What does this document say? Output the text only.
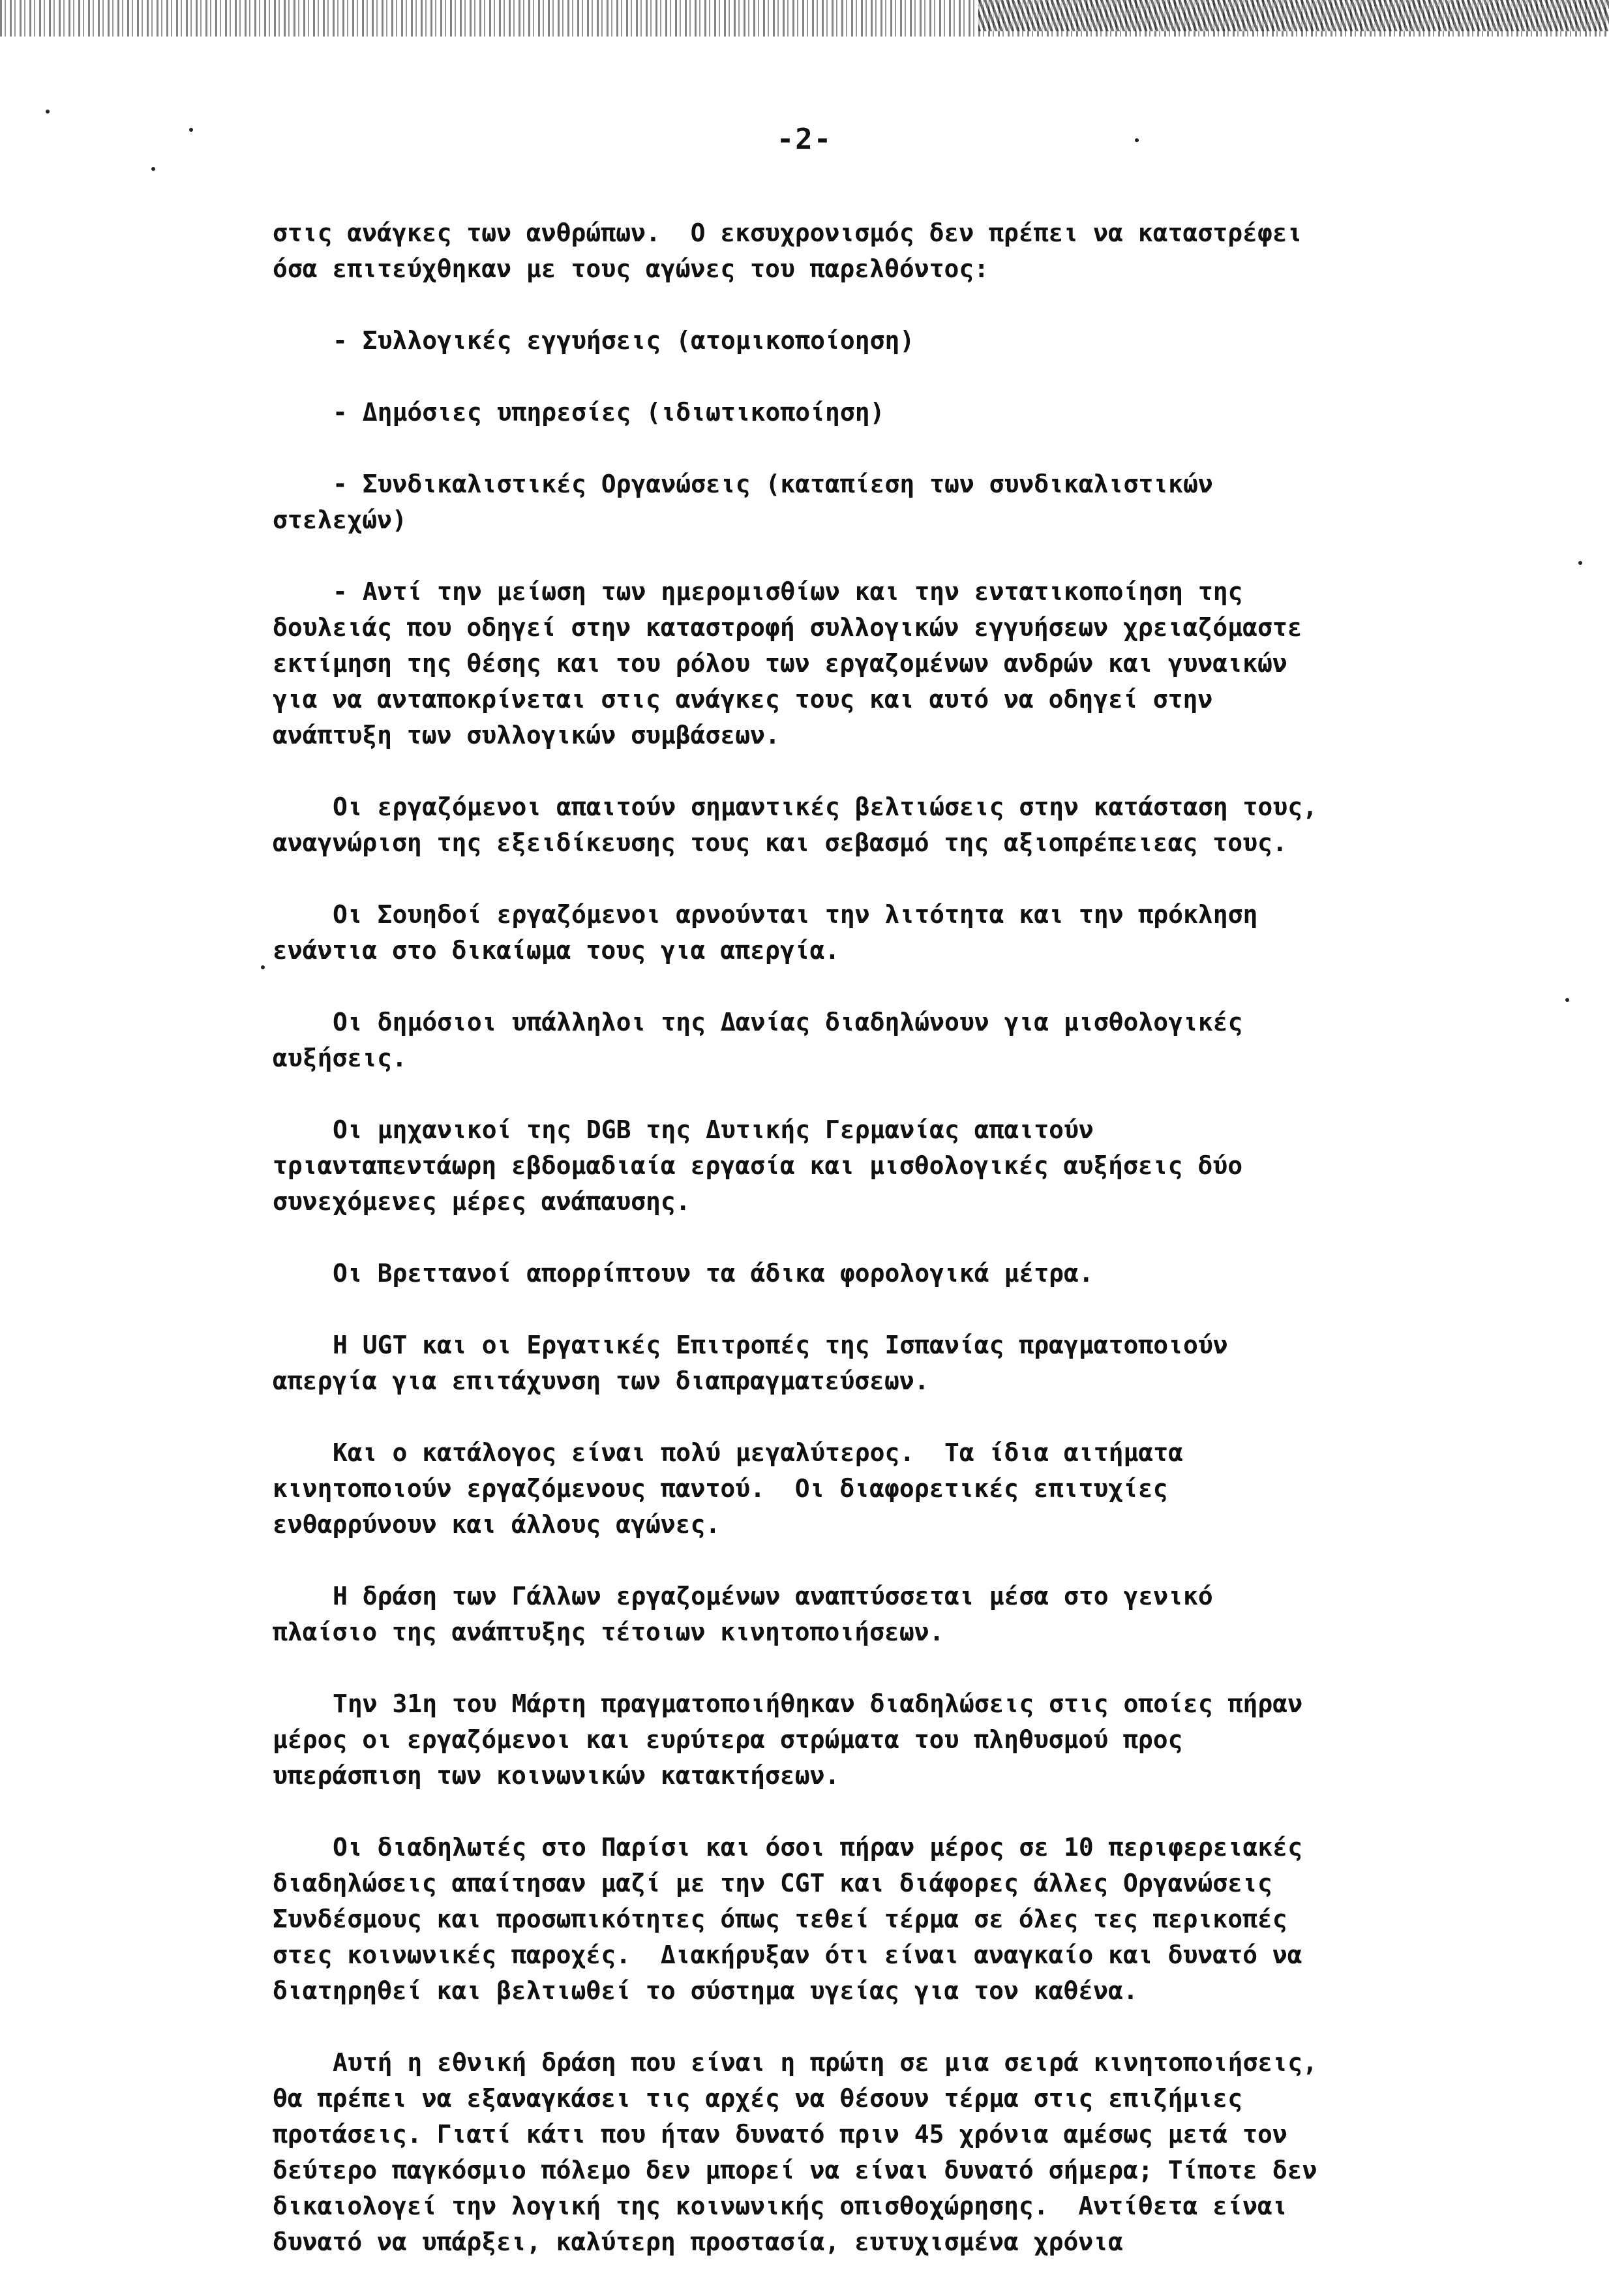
-2-
στις ανάγκες των ανθρώπων.  Ο εκσυχρονισμός δεν πρέπει να καταστρέφει
όσα επιτεύχθηκαν με τους αγώνες του παρελθόντος:
- Συλλογικές εγγυήσεις (ατομικοποίοηση)
- Δημόσιες υπηρεσίες (ιδιωτικοποίηση)
- Συνδικαλιστικές Οργανώσεις (καταπίεση των συνδικαλιστικών
στελεχών)
- Αντί την μείωση των ημερομισθίων και την εντατικοποίηση της
δουλειάς που οδηγεί στην καταστροφή συλλογικών εγγυήσεων χρειαζόμαστε
εκτίμηση της θέσης και του ρόλου των εργαζομένων ανδρών και γυναικών
για να ανταποκρίνεται στις ανάγκες τους και αυτό να οδηγεί στην
ανάπτυξη των συλλογικών συμβάσεων.
Οι εργαζόμενοι απαιτούν σημαντικές βελτιώσεις στην κατάσταση τους,
αναγνώριση της εξειδίκευσης τους και σεβασμό της αξιοπρέπειεας τους.
Οι Σουηδοί εργαζόμενοι αρνούνται την λιτότητα και την πρόκληση
ενάντια στο δικαίωμα τους για απεργία.
Οι δημόσιοι υπάλληλοι της Δανίας διαδηλώνουν για μισθολογικές
αυξήσεις.
Οι μηχανικοί της DGB της Δυτικής Γερμανίας απαιτούν
τριανταπεντάωρη εβδομαδιαία εργασία και μισθολογικές αυξήσεις δύο
συνεχόμενες μέρες ανάπαυσης.
Οι Βρεττανοί απορρίπτουν τα άδικα φορολογικά μέτρα.
Η UGT και οι Εργατικές Επιτροπές της Ισπανίας πραγματοποιούν
απεργία για επιτάχυνση των διαπραγματεύσεων.
Και ο κατάλογος είναι πολύ μεγαλύτερος.  Τα ίδια αιτήματα
κινητοποιούν εργαζόμενους παντού.  Οι διαφορετικές επιτυχίες
ενθαρρύνουν και άλλους αγώνες.
Η δράση των Γάλλων εργαζομένων αναπτύσσεται μέσα στο γενικό
πλαίσιο της ανάπτυξης τέτοιων κινητοποιήσεων.
Την 31η του Μάρτη πραγματοποιήθηκαν διαδηλώσεις στις οποίες πήραν
μέρος οι εργαζόμενοι και ευρύτερα στρώματα του πληθυσμού προς
υπεράσπιση των κοινωνικών κατακτήσεων.
Οι διαδηλωτές στο Παρίσι και όσοι πήραν μέρος σε 10 περιφερειακές
διαδηλώσεις απαίτησαν μαζί με την CGT και διάφορες άλλες Οργανώσεις
Συνδέσμους και προσωπικότητες όπως τεθεί τέρμα σε όλες τες περικοπές
στες κοινωνικές παροχές.  Διακήρυξαν ότι είναι αναγκαίο και δυνατό να
διατηρηθεί και βελτιωθεί το σύστημα υγείας για τον καθένα.
Αυτή η εθνική δράση που είναι η πρώτη σε μια σειρά κινητοποιήσεις,
θα πρέπει να εξαναγκάσει τις αρχές να θέσουν τέρμα στις επιζήμιες
προτάσεις. Γιατί κάτι που ήταν δυνατό πριν 45 χρόνια αμέσως μετά τον
δεύτερο παγκόσμιο πόλεμο δεν μπορεί να είναι δυνατό σήμερα; Τίποτε δεν
δικαιολογεί την λογική της κοινωνικής οπισθοχώρησης.  Αντίθετα είναι
δυνατό να υπάρξει, καλύτερη προστασία, ευτυχισμένα χρόνια
